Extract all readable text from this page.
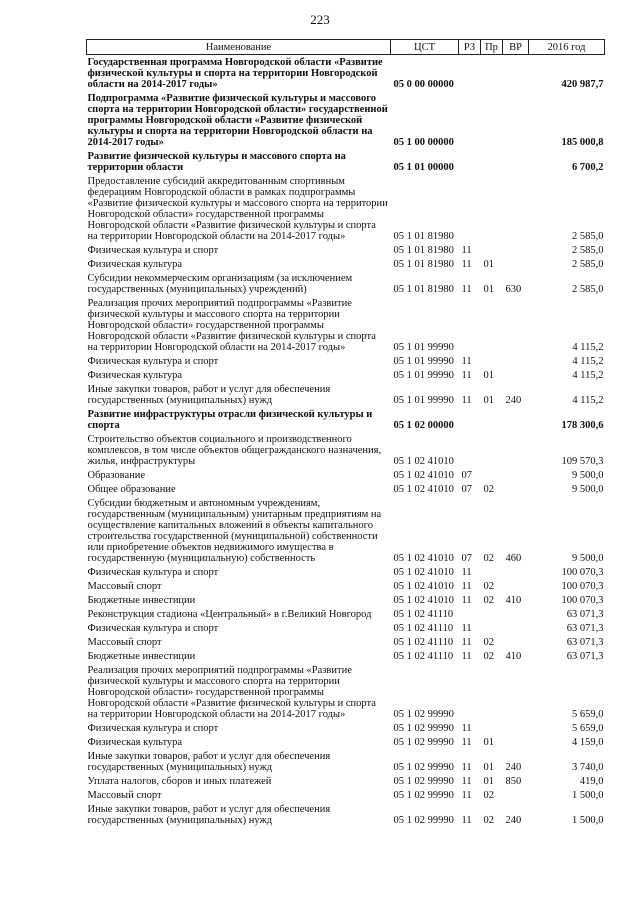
223
Наименование	ЦСТ	РЗ	Пр	ВР	2016 год
Государственная программа Новгородской области «Развитие физической культуры и спорта на территории Новгородской области на 2014-2017 годы»	05 0 00 00000				420 987,7
Подпрограмма «Развитие физической культуры и массового спорта на территории Новгородской области» государственной программы Новгородской области «Развитие физической культуры и спорта на территории Новгородской области на 2014-2017 годы»	05 1 00 00000				185 000,8
Развитие физической культуры и массового спорта на территории области	05 1 01 00000				6 700,2
Предоставление субсидий аккредитованным спортивным федерациям Новгородской области в рамках подпрограммы «Развитие физической культуры и массового спорта на территории Новгородской области» государственной программы Новгородской области «Развитие физической культуры и спорта на территории Новгородской области на 2014-2017 годы»	05 1 01 81980				2 585,0
Физическая культура и спорт	05 1 01 81980	11			2 585,0
Физическая культура	05 1 01 81980	11	01		2 585,0
Субсидии некоммерческим организациям (за исключением государственных (муниципальных) учреждений)	05 1 01 81980	11	01	630	2 585,0
Реализация прочих мероприятий подпрограммы «Развитие физической культуры и массового спорта на территории Новгородской области» государственной программы Новгородской области «Развитие физической культуры и спорта на территории Новгородской области на 2014-2017 годы»	05 1 01 99990				4 115,2
Физическая культура и спорт	05 1 01 99990	11			4 115,2
Физическая культура	05 1 01 99990	11	01		4 115,2
Иные закупки товаров, работ и услуг для обеспечения государственных (муниципальных) нужд	05 1 01 99990	11	01	240	4 115,2
Развитие инфраструктуры отрасли физической культуры и спорта	05 1 02 00000				178 300,6
Строительство объектов социального и производственного комплексов, в том числе объектов общегражданского назначения, жилья, инфраструктуры	05 1 02 41010				109 570,3
Образование	05 1 02 41010	07			9 500,0
Общее образование	05 1 02 41010	07	02		9 500,0
Субсидии бюджетным и автономным учреждениям, государственным (муниципальным) унитарным предприятиям на осуществление капитальных вложений в объекты капитального строительства государственной (муниципальной) собственности или приобретение объектов недвижимого имущества в государственную (муниципальную) собственность	05 1 02 41010	07	02	460	9 500,0
Физическая культура и спорт	05 1 02 41010	11			100 070,3
Массовый спорт	05 1 02 41010	11	02		100 070,3
Бюджетные инвестиции	05 1 02 41010	11	02	410	100 070,3
Реконструкция стадиона «Центральный» в г.Великий Новгород	05 1 02 41110				63 071,3
Физическая культура и спорт	05 1 02 41110	11			63 071,3
Массовый спорт	05 1 02 41110	11	02		63 071,3
Бюджетные инвестиции	05 1 02 41110	11	02	410	63 071,3
Реализация прочих мероприятий подпрограммы «Развитие физической культуры и массового спорта на территории Новгородской области» государственной программы Новгородской области «Развитие физической культуры и спорта на территории Новгородской области на 2014-2017 годы»	05 1 02 99990				5 659,0
Физическая культура и спорт	05 1 02 99990	11			5 659,0
Физическая культура	05 1 02 99990	11	01		4 159,0
Иные закупки товаров, работ и услуг для обеспечения государственных (муниципальных) нужд	05 1 02 99990	11	01	240	3 740,0
Уплата налогов, сборов и иных платежей	05 1 02 99990	11	01	850	419,0
Массовый спорт	05 1 02 99990	11	02		1 500,0
Иные закупки товаров, работ и услуг для обеспечения государственных (муниципальных) нужд	05 1 02 99990	11	02	240	1 500,0
